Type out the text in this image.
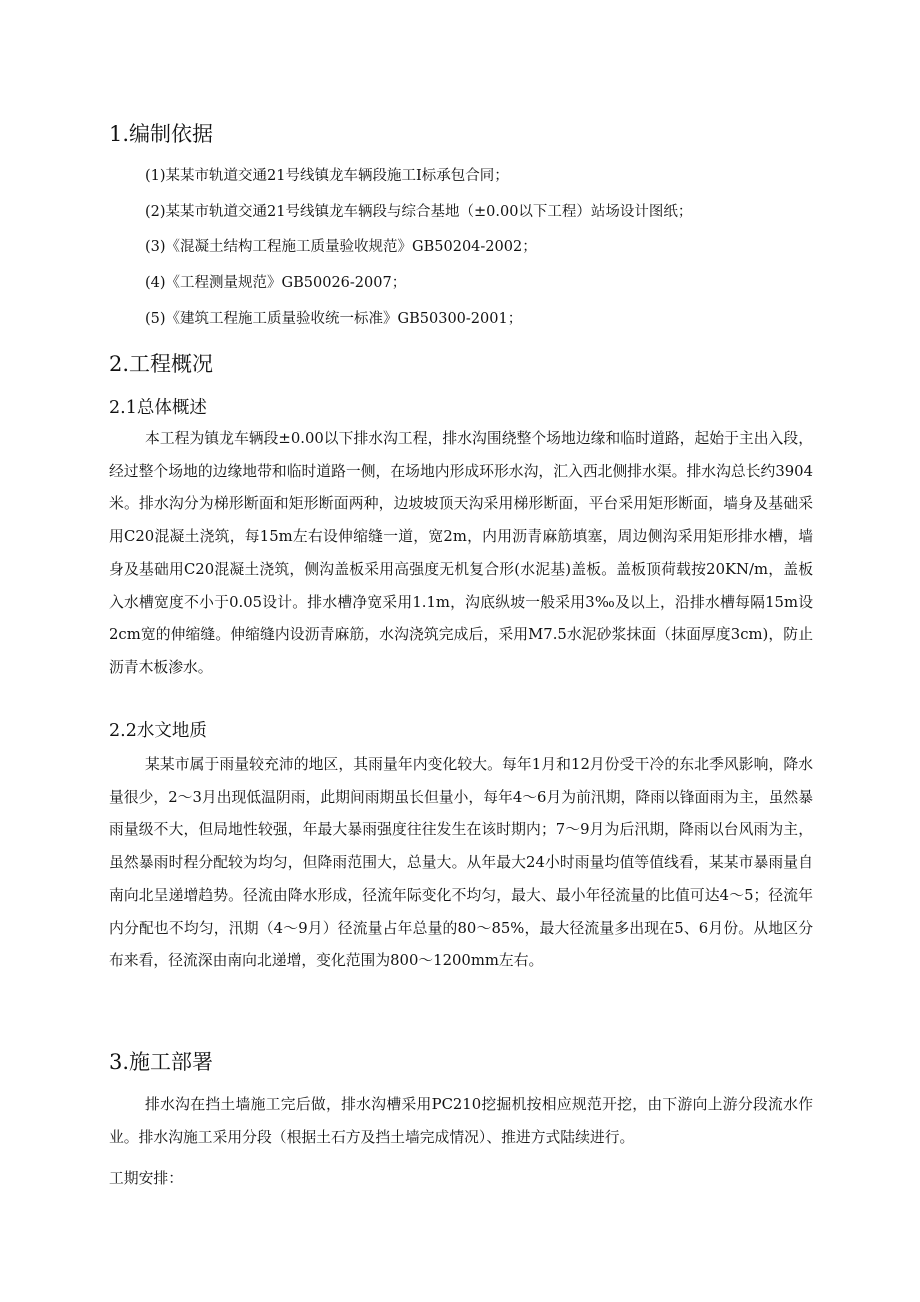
1.编制依据
(1)某某市轨道交通21号线镇龙车辆段施工Ⅰ标承包合同；
(2)某某市轨道交通21号线镇龙车辆段与综合基地（±0.00以下工程）站场设计图纸；
(3)《混凝土结构工程施工质量验收规范》GB50204-2002；
(4)《工程测量规范》GB50026-2007；
(5)《建筑工程施工质量验收统一标准》GB50300-2001；
2.工程概况
2.1总体概述

本工程为镇龙车辆段±0.00以下排水沟工程，排水沟围绕整个场地边缘和临时道路，起始于主出入段，经过整个场地的边缘地带和临时道路一侧，在场地内形成环形水沟，汇入西北侧排水渠。排水沟总长约3904米。排水沟分为梯形断面和矩形断面两种，边坡坡顶天沟采用梯形断面，平台采用矩形断面，墙身及基础采用C20混凝土浇筑，每15m左右设伸缩缝一道，宽2m，内用沥青麻筋填塞，周边侧沟采用矩形排水槽，墙身及基础用C20混凝土浇筑，侧沟盖板采用高强度无机复合形(水泥基)盖板。盖板顶荷载按20KN/m，盖板入水槽宽度不小于0.05设计。排水槽净宽采用1.1m，沟底纵坡一般采用3‰及以上，沿排水槽每隔15m设2cm宽的伸缩缝。伸缩缝内设沥青麻筋，水沟浇筑完成后，采用M7.5水泥砂浆抹面（抹面厚度3cm)，防止沥青木板渗水。

2.2水文地质

某某市属于雨量较充沛的地区，其雨量年内变化较大。每年1月和12月份受干冷的东北季风影响，降水量很少，2～3月出现低温阴雨，此期间雨期虽长但量小，每年4～6月为前汛期，降雨以锋面雨为主，虽然暴雨量级不大，但局地性较强，年最大暴雨强度往往发生在该时期内；7～9月为后汛期，降雨以台风雨为主，虽然暴雨时程分配较为均匀，但降雨范围大，总量大。从年最大24小时雨量均值等值线看，某某市暴雨量自南向北呈递增趋势。径流由降水形成，径流年际变化不均匀，最大、最小年径流量的比值可达4～5；径流年内分配也不均匀，汛期（4～9月）径流量占年总量的80～85%，最大径流量多出现在5、6月份。从地区分布来看，径流深由南向北递增，变化范围为800～1200mm左右。

3.施工部署

排水沟在挡土墙施工完后做，排水沟槽采用PC210挖掘机按相应规范开挖，由下游向上游分段流水作业。排水沟施工采用分段（根据土石方及挡土墙完成情况）、推进方式陆续进行。

工期安排：
